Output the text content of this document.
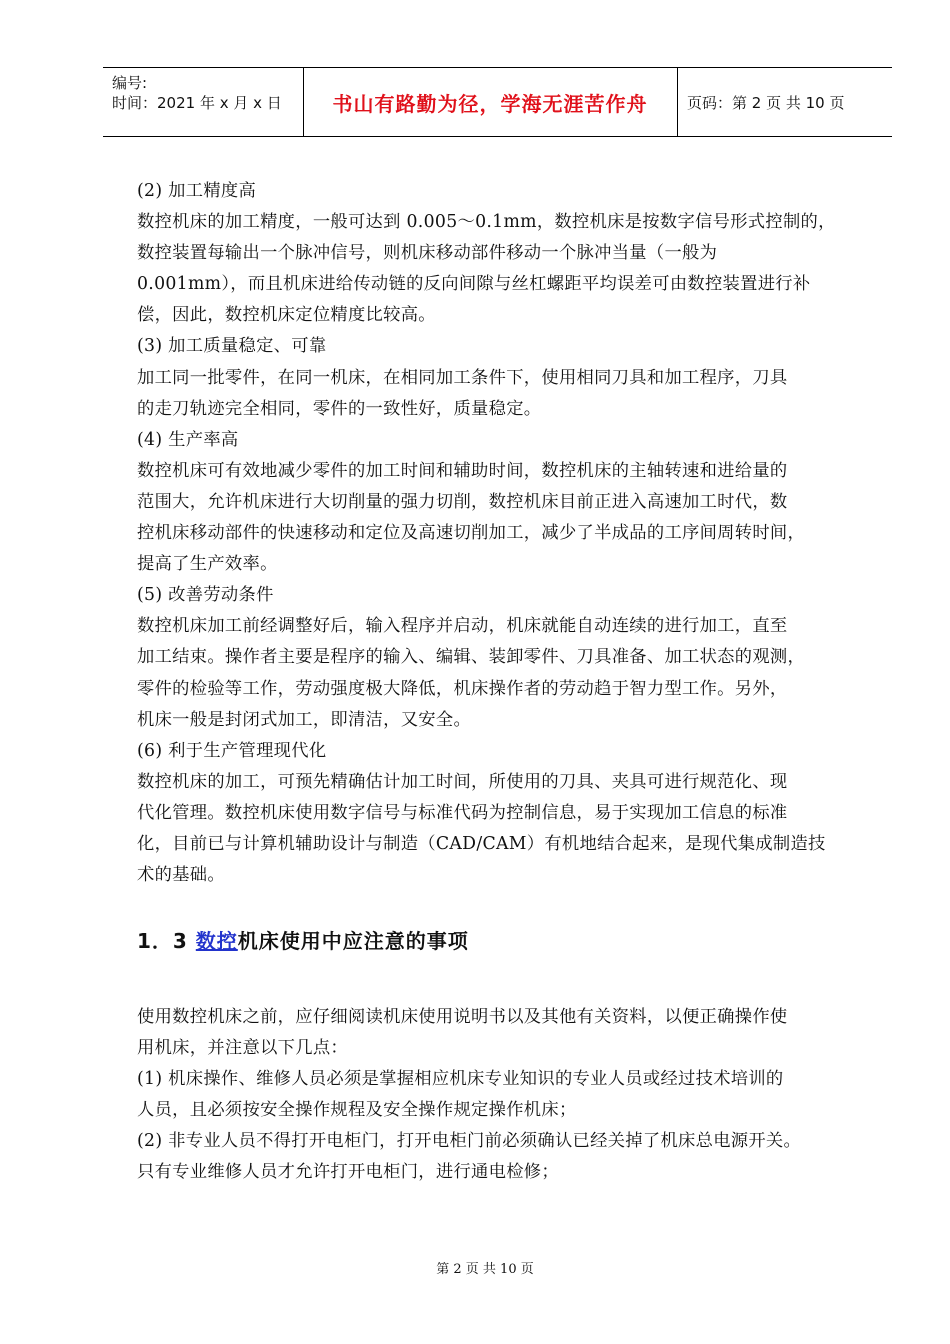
编号:
时间：2021 年 x 月 x 日	书山有路勤为径，学海无涯苦作舟	页码：第 2 页 共 10 页
(2) 加工精度高
数控机床的加工精度，一般可达到 0.005～0.1mm，数控机床是按数字信号形式控制的，
数控装置每输出一个脉冲信号，则机床移动部件移动一个脉冲当量（一般为
0.001mm），而且机床进给传动链的反向间隙与丝杠螺距平均误差可由数控装置进行补
偿，因此，数控机床定位精度比较高。
(3) 加工质量稳定、可靠
加工同一批零件，在同一机床，在相同加工条件下，使用相同刀具和加工程序，刀具
的走刀轨迹完全相同，零件的一致性好，质量稳定。
(4) 生产率高
数控机床可有效地减少零件的加工时间和辅助时间，数控机床的主轴转速和进给量的
范围大，允许机床进行大切削量的强力切削，数控机床目前正进入高速加工时代，数
控机床移动部件的快速移动和定位及高速切削加工，减少了半成品的工序间周转时间，
提高了生产效率。
(5) 改善劳动条件
数控机床加工前经调整好后，输入程序并启动，机床就能自动连续的进行加工，直至
加工结束。操作者主要是程序的输入、编辑、装卸零件、刀具准备、加工状态的观测，
零件的检验等工作，劳动强度极大降低，机床操作者的劳动趋于智力型工作。另外，
机床一般是封闭式加工，即清洁，又安全。
(6) 利于生产管理现代化
数控机床的加工，可预先精确估计加工时间，所使用的刀具、夹具可进行规范化、现
代化管理。数控机床使用数字信号与标准代码为控制信息，易于实现加工信息的标准
化，目前已与计算机辅助设计与制造（CAD/CAM）有机地结合起来，是现代集成制造技
术的基础。
1．3 数控机床使用中应注意的事项
使用数控机床之前，应仔细阅读机床使用说明书以及其他有关资料，以便正确操作使
用机床，并注意以下几点：
(1) 机床操作、维修人员必须是掌握相应机床专业知识的专业人员或经过技术培训的
人员，且必须按安全操作规程及安全操作规定操作机床；
(2) 非专业人员不得打开电柜门，打开电柜门前必须确认已经关掉了机床总电源开关。
只有专业维修人员才允许打开电柜门，进行通电检修；
第 2 页 共 10 页
